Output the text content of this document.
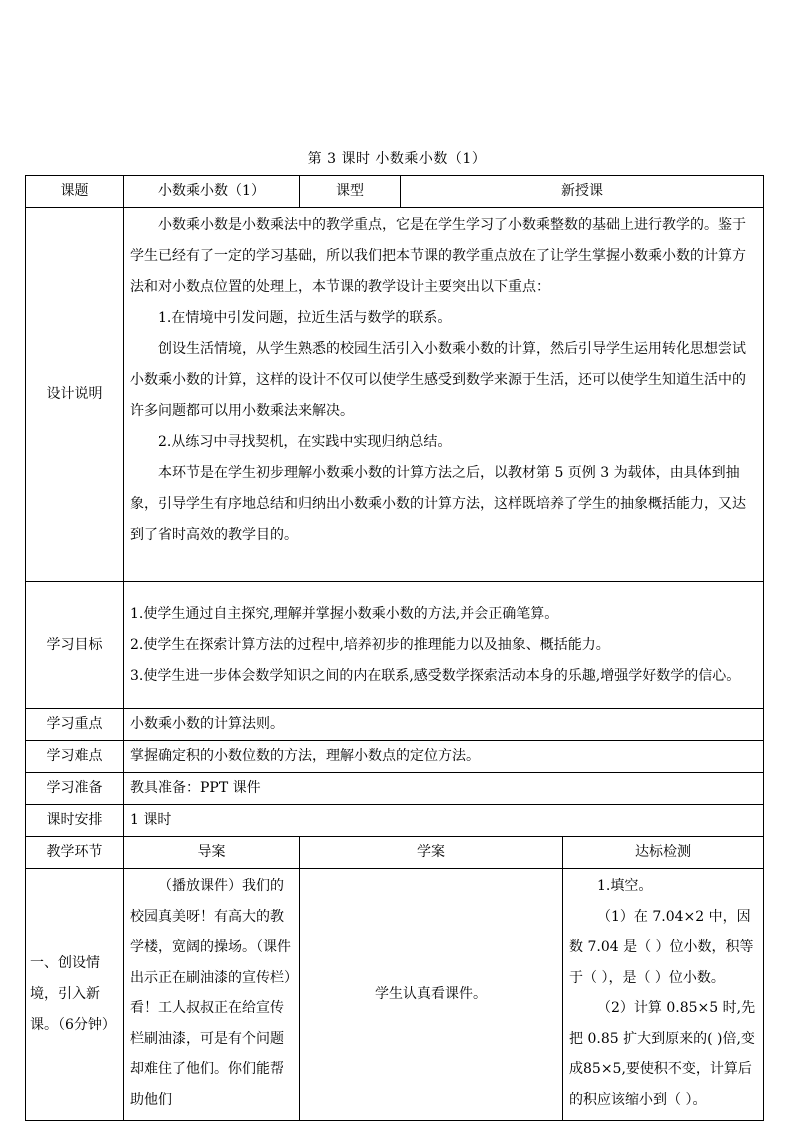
第 3 课时 小数乘小数（1）
课题	小数乘小数（1）	课型	新授课	
设计说明	小数乘小数是小数乘法中的教学重点，它是在学生学习了小数乘整数的基础上进行教学的。鉴于学生已经有了一定的学习基础，所以我们把本节课的教学重点放在了让学生掌握小数乘小数的计算方法和对小数点位置的处理上，本节课的教学设计主要突出以下重点：

1.在情境中引发问题，拉近生活与数学的联系。

创设生活情境，从学生熟悉的校园生活引入小数乘小数的计算，然后引导学生运用转化思想尝试小数乘小数的计算，这样的设计不仅可以使学生感受到数学来源于生活，还可以使学生知道生活中的许多问题都可以用小数乘法来解决。

2.从练习中寻找契机，在实践中实现归纳总结。

本环节是在学生初步理解小数乘小数的计算方法之后，以教材第 5 页例 3 为载体，由具体到抽象，引导学生有序地总结和归纳出小数乘小数的计算方法，这样既培养了学生的抽象概括能力，又达到了省时高效的教学目的。			

学习目标	1.使学生通过自主探究,理解并掌握小数乘小数的方法,并会正确笔算。

2.使学生在探索计算方法的过程中,培养初步的推理能力以及抽象、概括能力。

3.使学生进一步体会数学知识之间的内在联系,感受数学探索活动本身的乐趣,增强学好数学的信心。			

学习重点	小数乘小数的计算法则。			
学习难点	掌握确定积的小数位数的方法，理解小数点的定位方法。			
学习准备	教具准备：PPT 课件			
课时安排	1 课时			
教学环节	导案	学案		达标检测
一、创设情境，引入新课。（6分钟）	（播放课件）我们的校园真美呀！有高大的教学楼，宽阔的操场。（课件出示正在刷油漆的宣传栏）看！工人叔叔正在给宣传栏刷油漆，可是有个问题却难住了他们。你们能帮助他们	学生认真看课件。		1.填空。

（1）在 7.04×2 中，因数 7.04 是（ ）位小数，积等于（ ），是（ ）位小数。

（2）计算 0.85×5 时,先把 0.85 扩大到原来的( )倍,变成85×5,要使积不变，计算后的积应该缩小到（ ）。
